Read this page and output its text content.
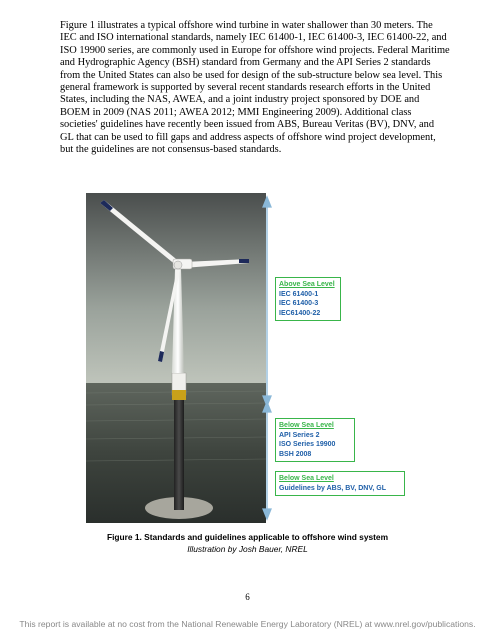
Figure 1 illustrates a typical offshore wind turbine in water shallower than 30 meters. The IEC and ISO international standards, namely IEC 61400-1, IEC 61400-3, IEC 61400-22, and ISO 19900 series, are commonly used in Europe for offshore wind projects. Federal Maritime and Hydrographic Agency (BSH) standard from Germany and the API Series 2 standards from the United States can also be used for design of the sub-structure below sea level. This general framework is supported by several recent standards research efforts in the United States, including the NAS, AWEA, and a joint industry project sponsored by DOE and BOEM in 2009 (NAS 2011; AWEA 2012; MMI Engineering 2009). Additional class societies' guidelines have recently been issued from ABS, Bureau Veritas (BV), DNV, and GL that can be used to fill gaps and address aspects of offshore wind project development, but the guidelines are not consensus-based standards.

Above Sea Level
IEC 61400-1
IEC 61400-3
IEC61400-22
Below Sea Level
API Series 2
ISO Series 19900
BSH 2008
Below Sea Level
Guidelines by ABS, BV, DNV, GL
Figure 1. Standards and guidelines applicable to offshore wind system
Illustration by Josh Bauer, NREL
6
This report is available at no cost from the National Renewable Energy Laboratory (NREL) at www.nrel.gov/publications.
